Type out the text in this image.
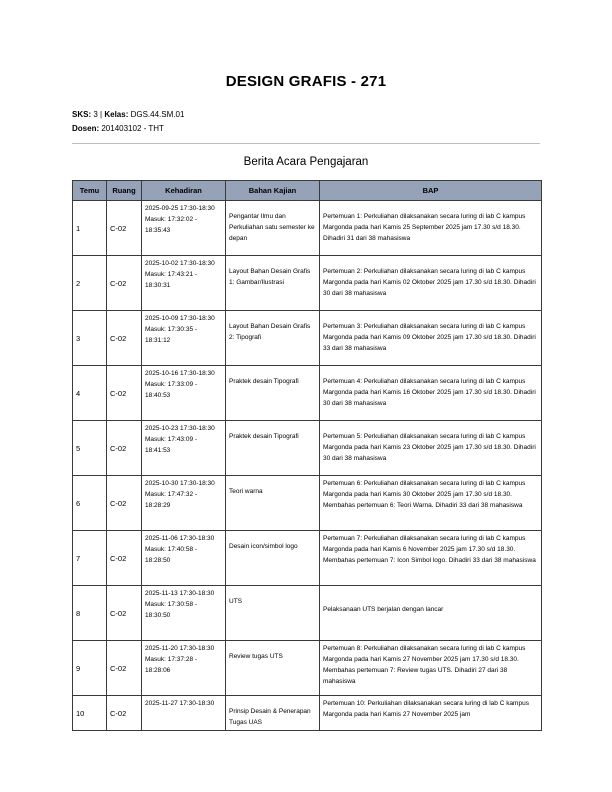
DESIGN GRAFIS - 271
SKS: 3 | Kelas: DGS.44.SM.01
Dosen: 201403102 - THT
Berita Acara Pengajaran
Temu	Ruang	Kehadiran	Bahan Kajian	BAP
1	C-02	2025-09-25 17:30-18:30 Masuk: 17:32:02 - 18:35:43	Pengantar Ilmu dan Perkuliahan satu semester ke depan	Pertemuan 1: Perkuliahan dilaksanakan secara luring di lab C kampus Margonda pada hari Kamis 25 September 2025 jam 17.30 s/d 18.30. Dihadiri 31 dari 38 mahasiswa
2	C-02	2025-10-02 17:30-18:30 Masuk: 17:43:21 - 18:30:31	Layout Bahan Desain Grafis 1: Gambar/Ilustrasi	Pertemuan 2: Perkuliahan dilaksanakan secara luring di lab C kampus Margonda pada hari Kamis 02 Oktober 2025 jam 17.30 s/d 18.30. Dihadiri 30 dari 38 mahasiswa
3	C-02	2025-10-09 17:30-18:30 Masuk: 17:30:35 - 18:31:12	Layout Bahan Desain Grafis 2: Tipografi	Pertemuan 3: Perkuliahan dilaksanakan secara luring di lab C kampus Margonda pada hari Kamis 09 Oktober 2025 jam 17.30 s/d 18.30. Dihadiri 33 dari 38 mahasiswa
4	C-02	2025-10-16 17:30-18:30 Masuk: 17:33:09 - 18:40:53	Praktek desain Tipografi	Pertemuan 4: Perkuliahan dilaksanakan secara luring di lab C kampus Margonda pada hari Kamis 16 Oktober 2025 jam 17.30 s/d 18.30. Dihadiri 30 dari 38 mahasiswa
5	C-02	2025-10-23 17:30-18:30 Masuk: 17:43:09 - 18:41:53	Praktek desain Tipografi	Pertemuan 5: Perkuliahan dilaksanakan secara luring di lab C kampus Margonda pada hari Kamis 23 Oktober 2025 jam 17.30 s/d 18.30. Dihadiri 30 dari 38 mahasiswa
6	C-02	2025-10-30 17:30-18:30 Masuk: 17:47:32 - 18:28:29	Teori warna	Pertemuan 6: Perkuliahan dilaksanakan secara luring di lab C kampus Margonda pada hari Kamis 30 Oktober 2025 jam 17.30 s/d 18.30. Membahas pertemuan 6: Teori Warna. Dihadiri 33 dari 38 mahasiswa
7	C-02	2025-11-06 17:30-18:30 Masuk: 17:40:58 - 18:28:50	Desain icon/simbol logo	Pertemuan 7: Perkuliahan dilaksanakan secara luring di lab C kampus Margonda pada hari Kamis 6 November 2025 jam 17.30 s/d 18.30. Membahas pertemuan 7: Icon Simbol logo. Dihadiri 33 dari 38 mahasiswa
8	C-02	2025-11-13 17:30-18:30 Masuk: 17:30:58 - 18:30:50	UTS	Pelaksanaan UTS berjalan dengan lancar
9	C-02	2025-11-20 17:30-18:30 Masuk: 17:37:28 - 18:28:06	Review tugas UTS	Pertemuan 8: Perkuliahan dilaksanakan secara luring di lab C kampus Margonda pada hari Kamis 27 November 2025 jam 17.30 s/d 18.30. Membahas pertemuan 7: Review tugas UTS. Dihadiri 27 dari 38 mahasiswa
10	C-02	2025-11-27 17:30-18:30	Prinsip Desain & Penerapan Tugas UAS	Pertemuan 10: Perkuliahan dilaksanakan secara luring di lab C kampus Margonda pada hari Kamis 27 November 2025 jam
